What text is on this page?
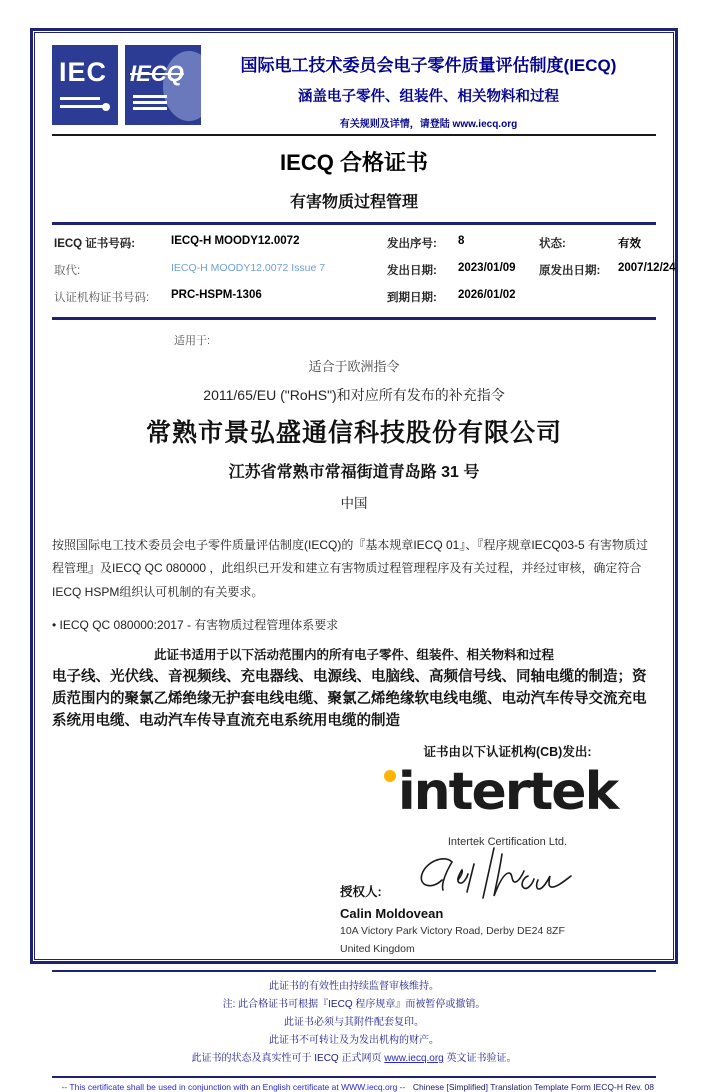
IEC IECQ	国际电工技术委员会电子零件质量评估制度(IECQ)
涵盖电子零件、组装件、相关物料和过程
有关规则及详情，请登陆 www.iecq.org
IECQ 合格证书
有害物质过程管理
IECQ 证书号码:	IECQ-H MOODY12.0072	发出序号:	8	状态:	有效
取代:	IECQ-H MOODY12.0072 Issue 7	发出日期:	2023/01/09	原发出日期:	2007/12/24
认证机构证书号码:	PRC-HSPM-1306	到期日期:	2026/01/02
适用于:
适合于欧洲指令
2011/65/EU ("RoHS")和对应所有发布的补充指令
常熟市景弘盛通信科技股份有限公司
江苏省常熟市常福街道青岛路 31 号
中国
按照国际电工技术委员会电子零件质量评估制度(IECQ)的『基本规章IECQ 01』、『程序规章IECQ03-5 有害物质过程管理』及IECQ QC 080000 ，此组织已开发和建立有害物质过程管理程序及有关过程，并经过审核，确定符合IECQ HSPM组织认可机制的有关要求。
• IECQ QC 080000:2017 - 有害物质过程管理体系要求
此证书适用于以下活动范围内的所有电子零件、组装件、相关物料和过程
电子线、光伏线、音视频线、充电器线、电源线、电脑线、高频信号线、同轴电缆的制造；资质范围内的聚氯乙烯绝缘无护套电线电缆、聚氯乙烯绝缘软电线电缆、电动汽车传导交流充电系统用电缆、电动汽车传导直流充电系统用电缆的制造
证书由以下认证机构(CB)发出:
intertek
Intertek Certification Ltd.
授权人:
Calin Moldovean
10A Victory Park Victory Road, Derby DE24 8ZF
United Kingdom
此证书的有效性由持续监督审核维持。
注: 此合格证书可根据『IECQ 程序规章』而被暂停或撤销。
此证书必须与其附件配套复印。
此证书不可转让及为发出机构的财产。
此证书的状态及真实性可于 IECQ 正式网页 www.iecq.org 英文证书验证。
-- This certificate shall be used in conjunction with an English certificate at WWW.iecq.org -- Chinese [Simplified] Translation Template Form IECQ-H Rev. 08
